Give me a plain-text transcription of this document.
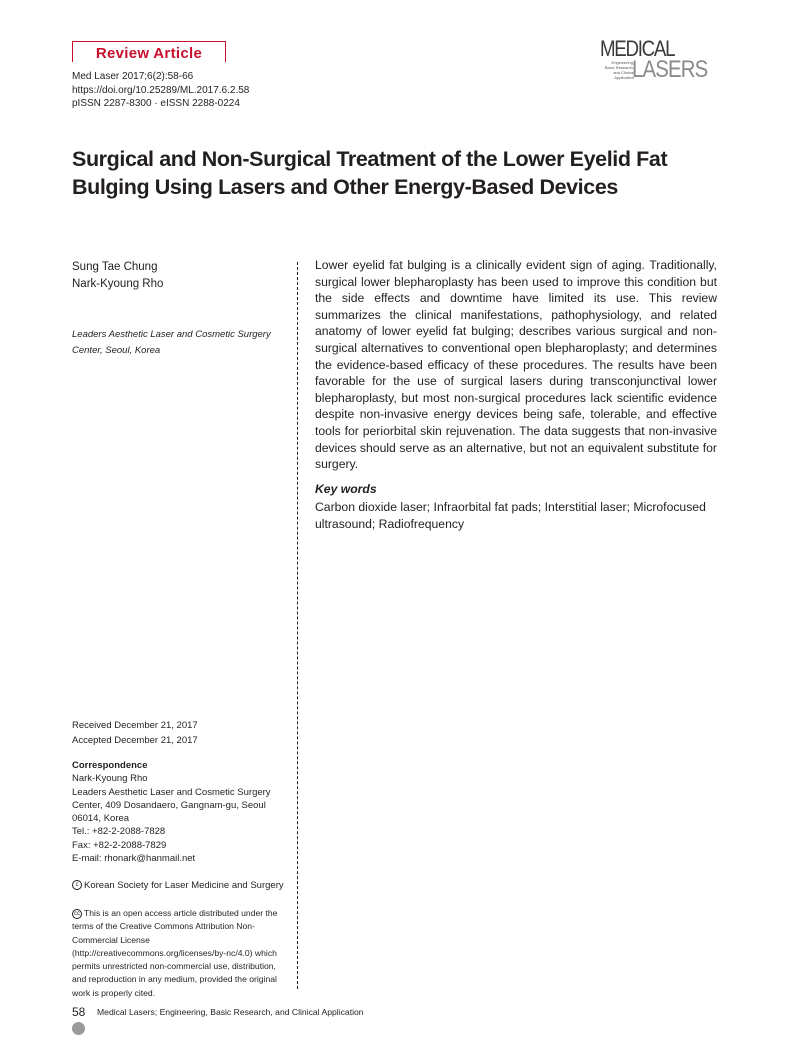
Review Article
Med Laser 2017;6(2):58-66
https://doi.org/10.25289/ML.2017.6.2.58
pISSN 2287-8300 · eISSN 2288-0224
MEDICAL
Engineering,
Basic Research,
and Clinical Application
LASERS
Surgical and Non-Surgical Treatment of the Lower Eyelid Fat
Bulging Using Lasers and Other Energy-Based Devices
Sung Tae Chung
Nark-Kyoung Rho
Leaders Aesthetic Laser and Cosmetic Surgery
Center, Seoul, Korea
Lower eyelid fat bulging is a clinically evident sign of aging. Traditionally, surgical lower blepharoplasty has been used to improve this condition but the side effects and downtime have limited its use. This review summarizes the clinical manifestations, pathophysiology, and related anatomy of lower eyelid fat bulging; describes various surgical and non-surgical alternatives to conventional open blepharoplasty; and determines the evidence-based efficacy of these procedures. The results have been favorable for the use of surgical lasers during transconjunctival lower blepharoplasty, but most non-surgical procedures lack scientific evidence despite non-invasive energy devices being safe, tolerable, and effective tools for periorbital skin rejuvenation. The data suggests that non-invasive devices should serve as an alternative, but not an equivalent substitute for surgery.
Key words
Carbon dioxide laser; Infraorbital fat pads; Interstitial laser; Microfocused ultrasound; Radiofrequency
Received December 21, 2017
Accepted December 21, 2017
Correspondence
Nark-Kyoung Rho
Leaders Aesthetic Laser and Cosmetic Surgery
Center, 409 Dosandaero, Gangnam-gu, Seoul
06014, Korea
Tel.: +82-2-2088-7828
Fax: +82-2-2088-7829
E-mail: rhonark@hanmail.net
c Korean Society for Laser Medicine and Surgery
cc This is an open access article distributed under the terms of the Creative Commons Attribution Non-Commercial License (http://creativecommons.org/licenses/by-nc/4.0) which permits unrestricted non-commercial use, distribution, and reproduction in any medium, provided the original work is properly cited.
58 Medical Lasers; Engineering, Basic Research, and Clinical Application
